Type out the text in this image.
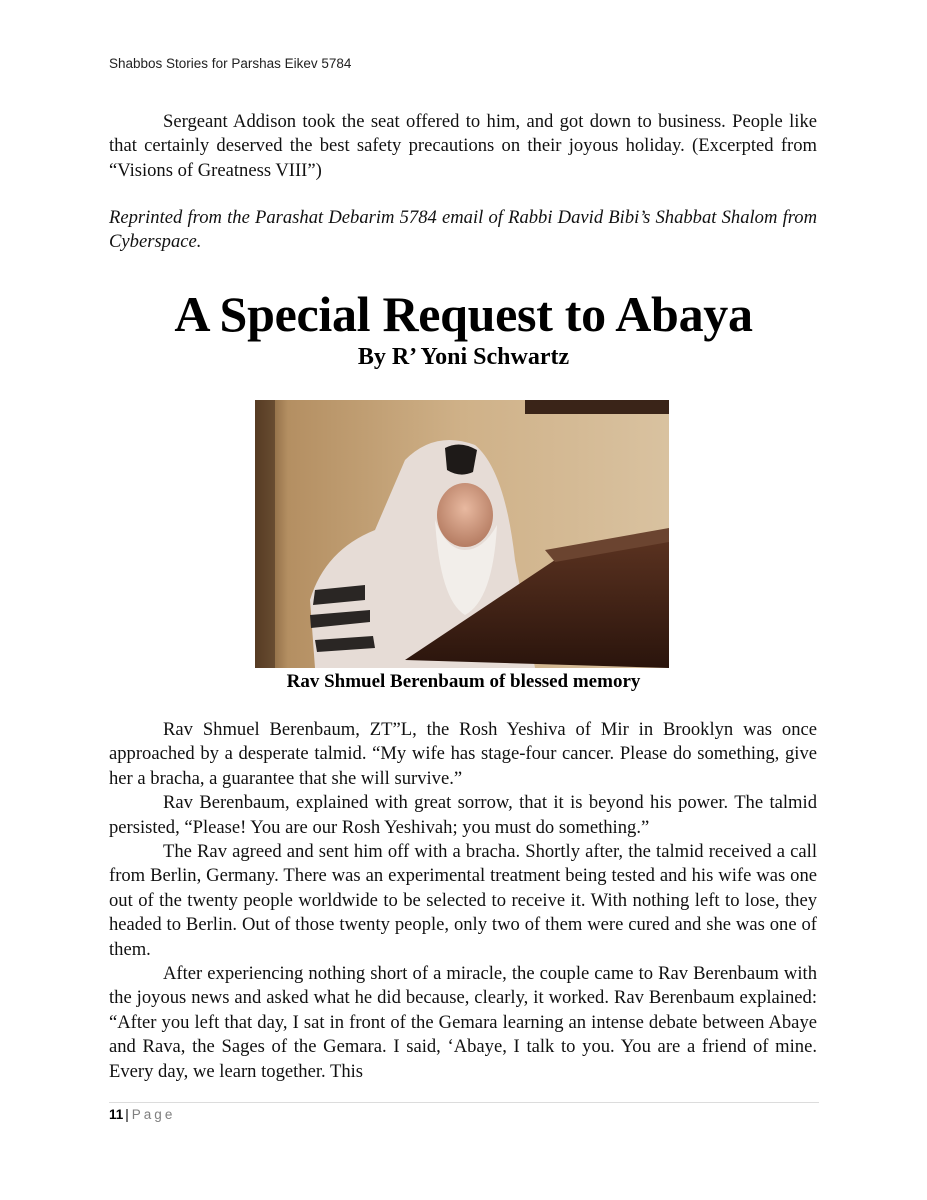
Shabbos Stories for Parshas Eikev 5784

Sergeant Addison took the seat offered to him, and got down to business. People like that certainly deserved the best safety precautions on their joyous holiday. (Excerpted from “Visions of Greatness VIII”)

Reprinted from the Parashat Debarim 5784 email of Rabbi David Bibi’s Shabbat Shalom from Cyberspace.
A Special Request to Abaya
By R’ Yoni Schwartz
Rav Shmuel Berenbaum of blessed memory

Rav Shmuel Berenbaum, ZT”L, the Rosh Yeshiva of Mir in Brooklyn was once approached by a desperate talmid. “My wife has stage-four cancer. Please do something, give her a bracha, a guarantee that she will survive.”

Rav Berenbaum, explained with great sorrow, that it is beyond his power. The talmid persisted, “Please! You are our Rosh Yeshivah; you must do something.”

The Rav agreed and sent him off with a bracha. Shortly after, the talmid received a call from Berlin, Germany. There was an experimental treatment being tested and his wife was one out of the twenty people worldwide to be selected to receive it. With nothing left to lose, they headed to Berlin. Out of those twenty people, only two of them were cured and she was one of them.

After experiencing nothing short of a miracle, the couple came to Rav Berenbaum with the joyous news and asked what he did because, clearly, it worked. Rav Berenbaum explained: “After you left that day, I sat in front of the Gemara learning an intense debate between Abaye and Rava, the Sages of the Gemara. I said, ‘Abaye, I talk to you. You are a friend of mine. Every day, we learn together. This

11 | Page
